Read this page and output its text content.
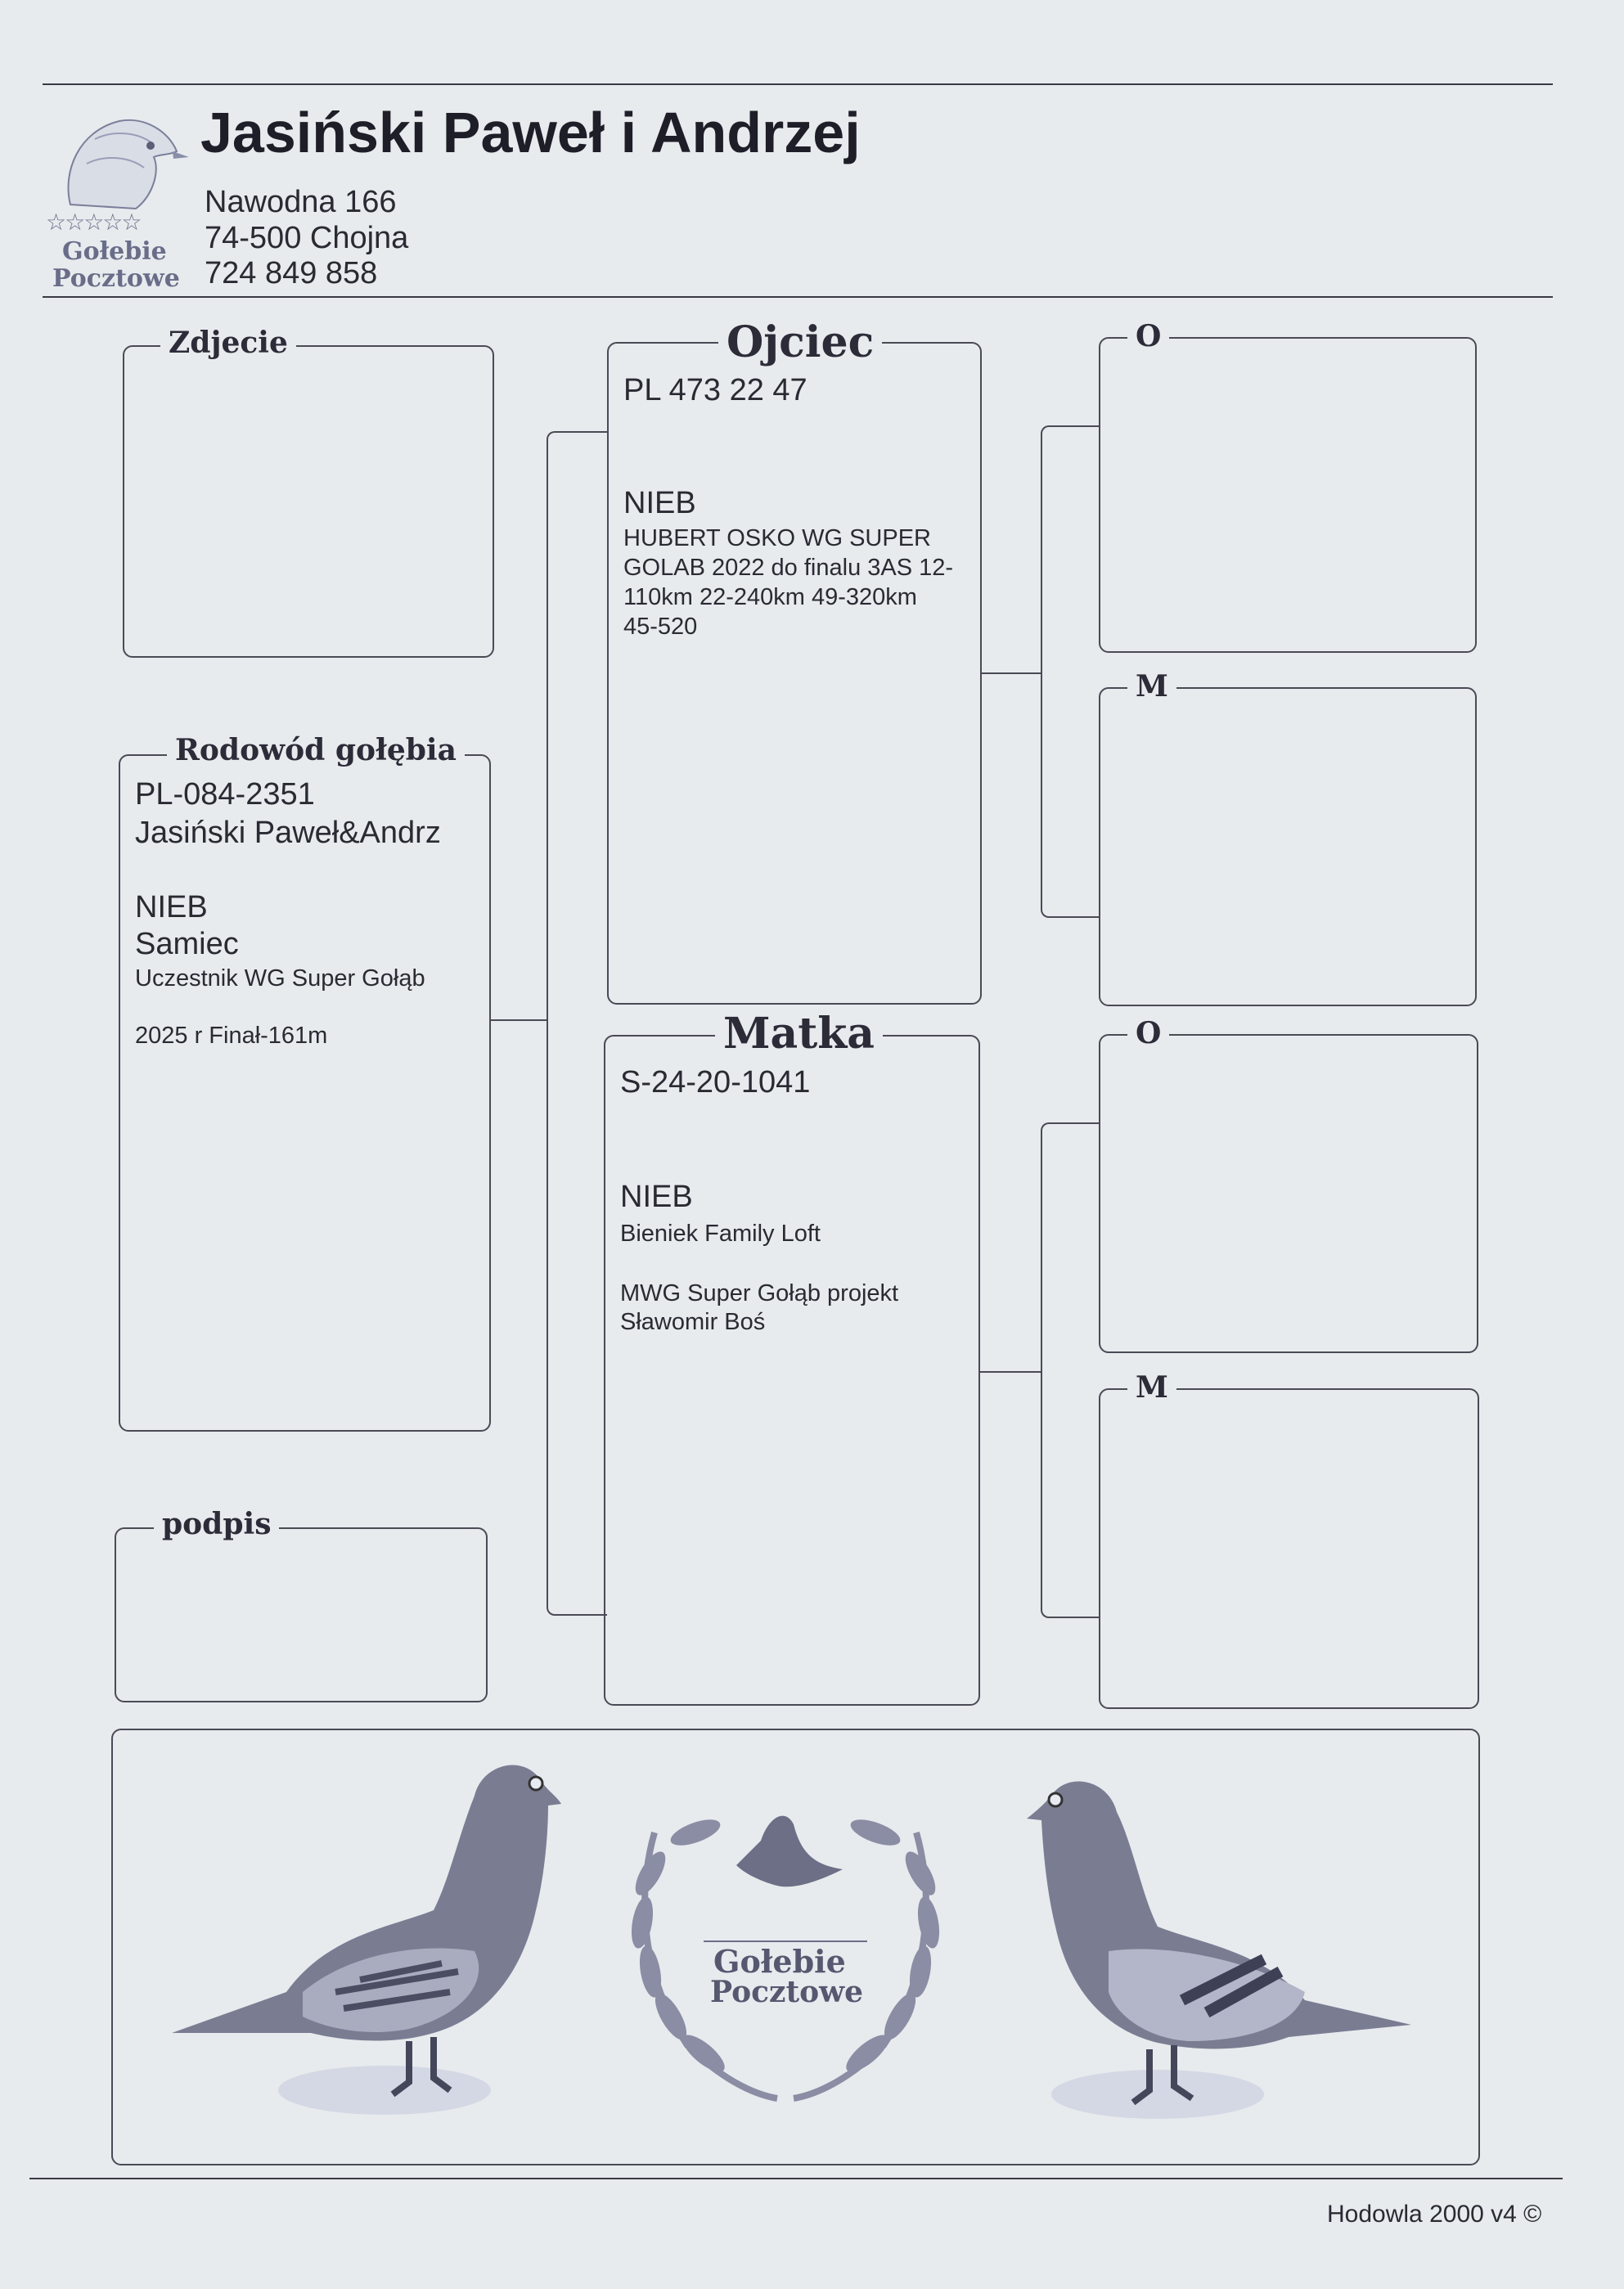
☆☆☆☆☆
Gołebie
Pocztowe
Jasiński Paweł i Andrzej
Nawodna 166
74-500 Chojna
724 849 858
Zdjecie
Rodowód gołębia
PL-084-2351
Jasiński Paweł&Andrz
NIEB
Samiec
Uczestnik WG Super Gołąb
2025 r Finał-161m
podpis
Ojciec
PL 473 22 47
NIEB
HUBERT OSKO WG SUPER
GOLAB 2022 do finalu 3AS 12-
110km 22-240km 49-320km
45-520
Matka
S-24-20-1041
NIEB
Bieniek Family Loft
MWG Super Gołąb projekt
Sławomir Boś
O
M
O
M
Gołebie
Pocztowe
Hodowla 2000 v4 ©
